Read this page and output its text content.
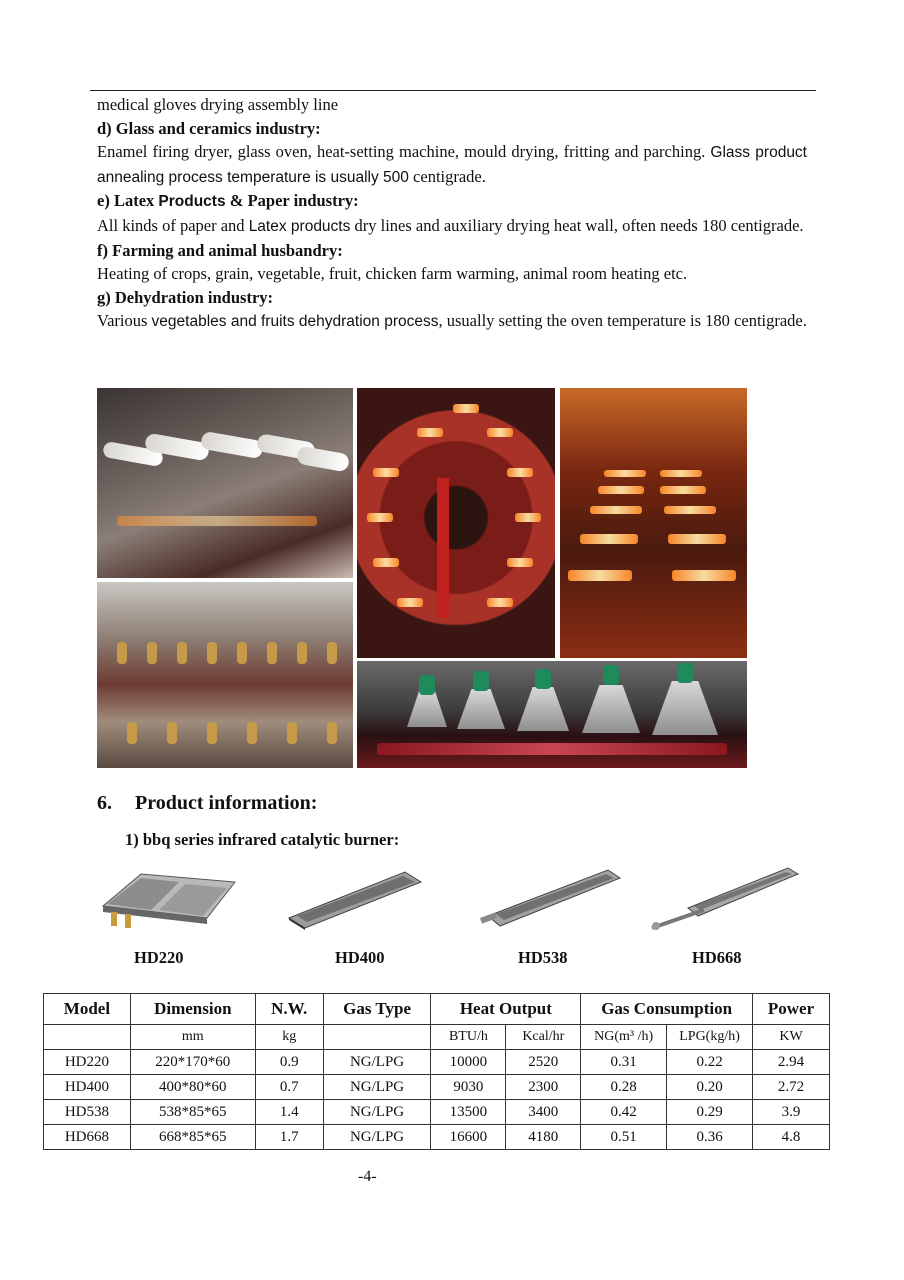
medical gloves drying assembly line

d) Glass and ceramics industry:

Enamel firing dryer, glass oven, heat-setting machine, mould drying, fritting and parching. Glass product annealing process temperature is usually 500 centigrade.

e) Latex Products & Paper industry:

All kinds of paper and Latex products dry lines and auxiliary drying heat wall, often needs 180 centigrade.

f) Farming and animal husbandry:

Heating of crops, grain, vegetable, fruit, chicken farm warming, animal room heating etc.

g) Dehydration industry:

Various vegetables and fruits dehydration process, usually setting the oven temperature is 180 centigrade.

6. Product information:
1) bbq series infrared catalytic burner:
HD220	HD400	HD538	HD668
Model	Dimension	N.W.	Gas Type	Heat Output		Gas Consumption		Power
	mm	kg		BTU/h	Kcal/hr	NG(m³ /h)	LPG(kg/h)	KW
HD220	220*170*60	0.9	NG/LPG	10000	2520	0.31	0.22	2.94
HD400	400*80*60	0.7	NG/LPG	9030	2300	0.28	0.20	2.72
HD538	538*85*65	1.4	NG/LPG	13500	3400	0.42	0.29	3.9
HD668	668*85*65	1.7	NG/LPG	16600	4180	0.51	0.36	4.8
-4-
